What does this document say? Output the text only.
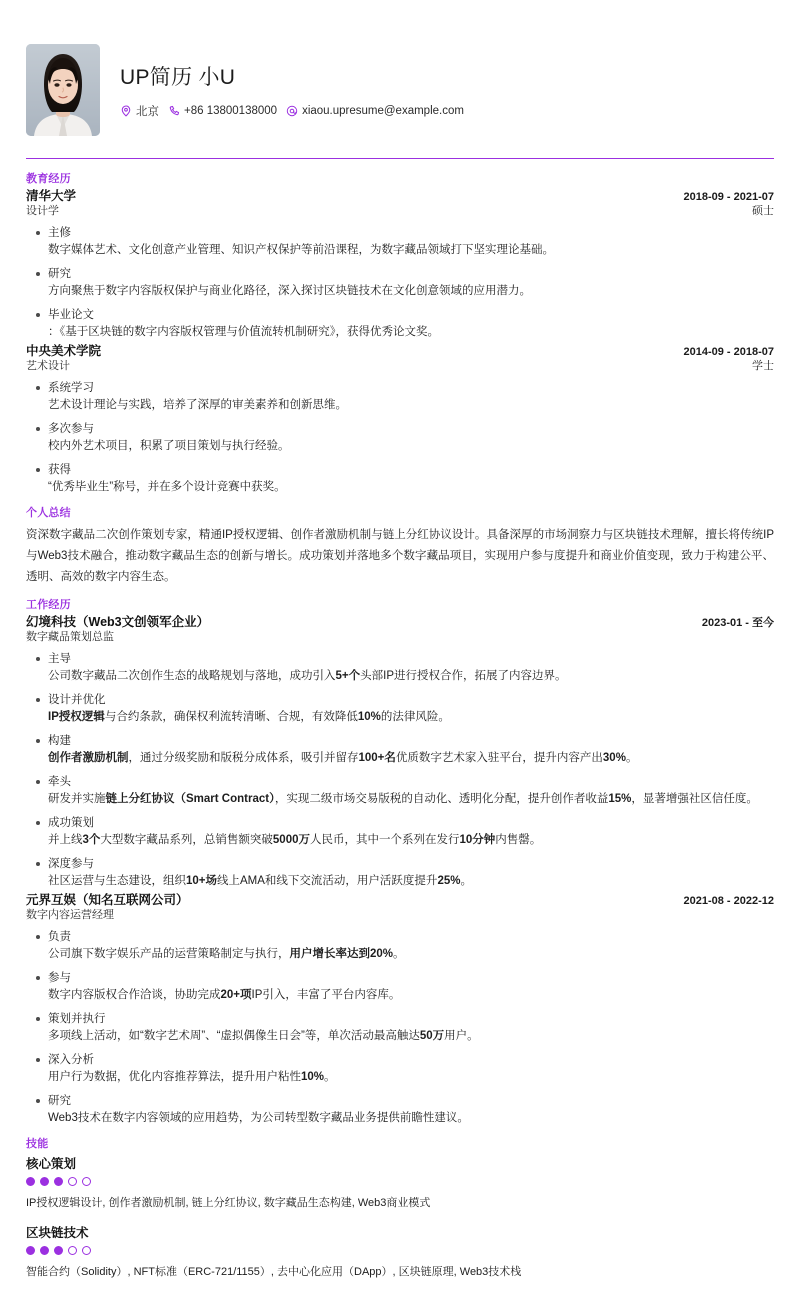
UP简历 小U
北京 +86 13800138000 xiaou.upresume@example.com
教育经历
清华大学	2018-09 - 2021-07
设计学	硕士
主修
数字媒体艺术、文化创意产业管理、知识产权保护等前沿课程，为数字藏品领域打下坚实理论基础。
研究
方向聚焦于数字内容版权保护与商业化路径，深入探讨区块链技术在文化创意领域的应用潜力。
毕业论文
：《基于区块链的数字内容版权管理与价值流转机制研究》，获得优秀论文奖。
中央美术学院	2014-09 - 2018-07
艺术设计	学士
系统学习
艺术设计理论与实践，培养了深厚的审美素养和创新思维。
多次参与
校内外艺术项目，积累了项目策划与执行经验。
获得
“优秀毕业生”称号，并在多个设计竞赛中获奖。
个人总结
资深数字藏品二次创作策划专家，精通IP授权逻辑、创作者激励机制与链上分红协议设计。具备深厚的市场洞察力与区块链技术理解，擅长将传统IP与Web3技术融合，推动数字藏品生态的创新与增长。成功策划并落地多个数字藏品项目，实现用户参与度提升和商业价值变现，致力于构建公平、透明、高效的数字内容生态。
工作经历
幻境科技（Web3文创领军企业）	2023-01 - 至今
数字藏品策划总监
主导
公司数字藏品二次创作生态的战略规划与落地，成功引入5+个头部IP进行授权合作，拓展了内容边界。
设计并优化
IP授权逻辑与合约条款，确保权利流转清晰、合规，有效降低10%的法律风险。
构建
创作者激励机制，通过分级奖励和版税分成体系，吸引并留存100+名优质数字艺术家入驻平台，提升内容产出30%。
牵头
研发并实施链上分红协议（Smart Contract），实现二级市场交易版税的自动化、透明化分配，提升创作者收益15%，显著增强社区信任度。
成功策划
并上线3个大型数字藏品系列，总销售额突破5000万人民币，其中一个系列在发行10分钟内售罄。
深度参与
社区运营与生态建设，组织10+场线上AMA和线下交流活动，用户活跃度提升25%。
元界互娱（知名互联网公司）	2021-08 - 2022-12
数字内容运营经理
负责
公司旗下数字娱乐产品的运营策略制定与执行，用户增长率达到20%。
参与
数字内容版权合作洽谈，协助完成20+项IP引入，丰富了平台内容库。
策划并执行
多项线上活动，如“数字艺术周”、“虚拟偶像生日会”等，单次活动最高触达50万用户。
深入分析
用户行为数据，优化内容推荐算法，提升用户粘性10%。
研究
Web3技术在数字内容领域的应用趋势，为公司转型数字藏品业务提供前瞻性建议。
技能
核心策划
IP授权逻辑设计, 创作者激励机制, 链上分红协议, 数字藏品生态构建, Web3商业模式
区块链技术
智能合约（Solidity）, NFT标准（ERC-721/1155）, 去中心化应用（DApp）, 区块链原理, Web3技术栈
